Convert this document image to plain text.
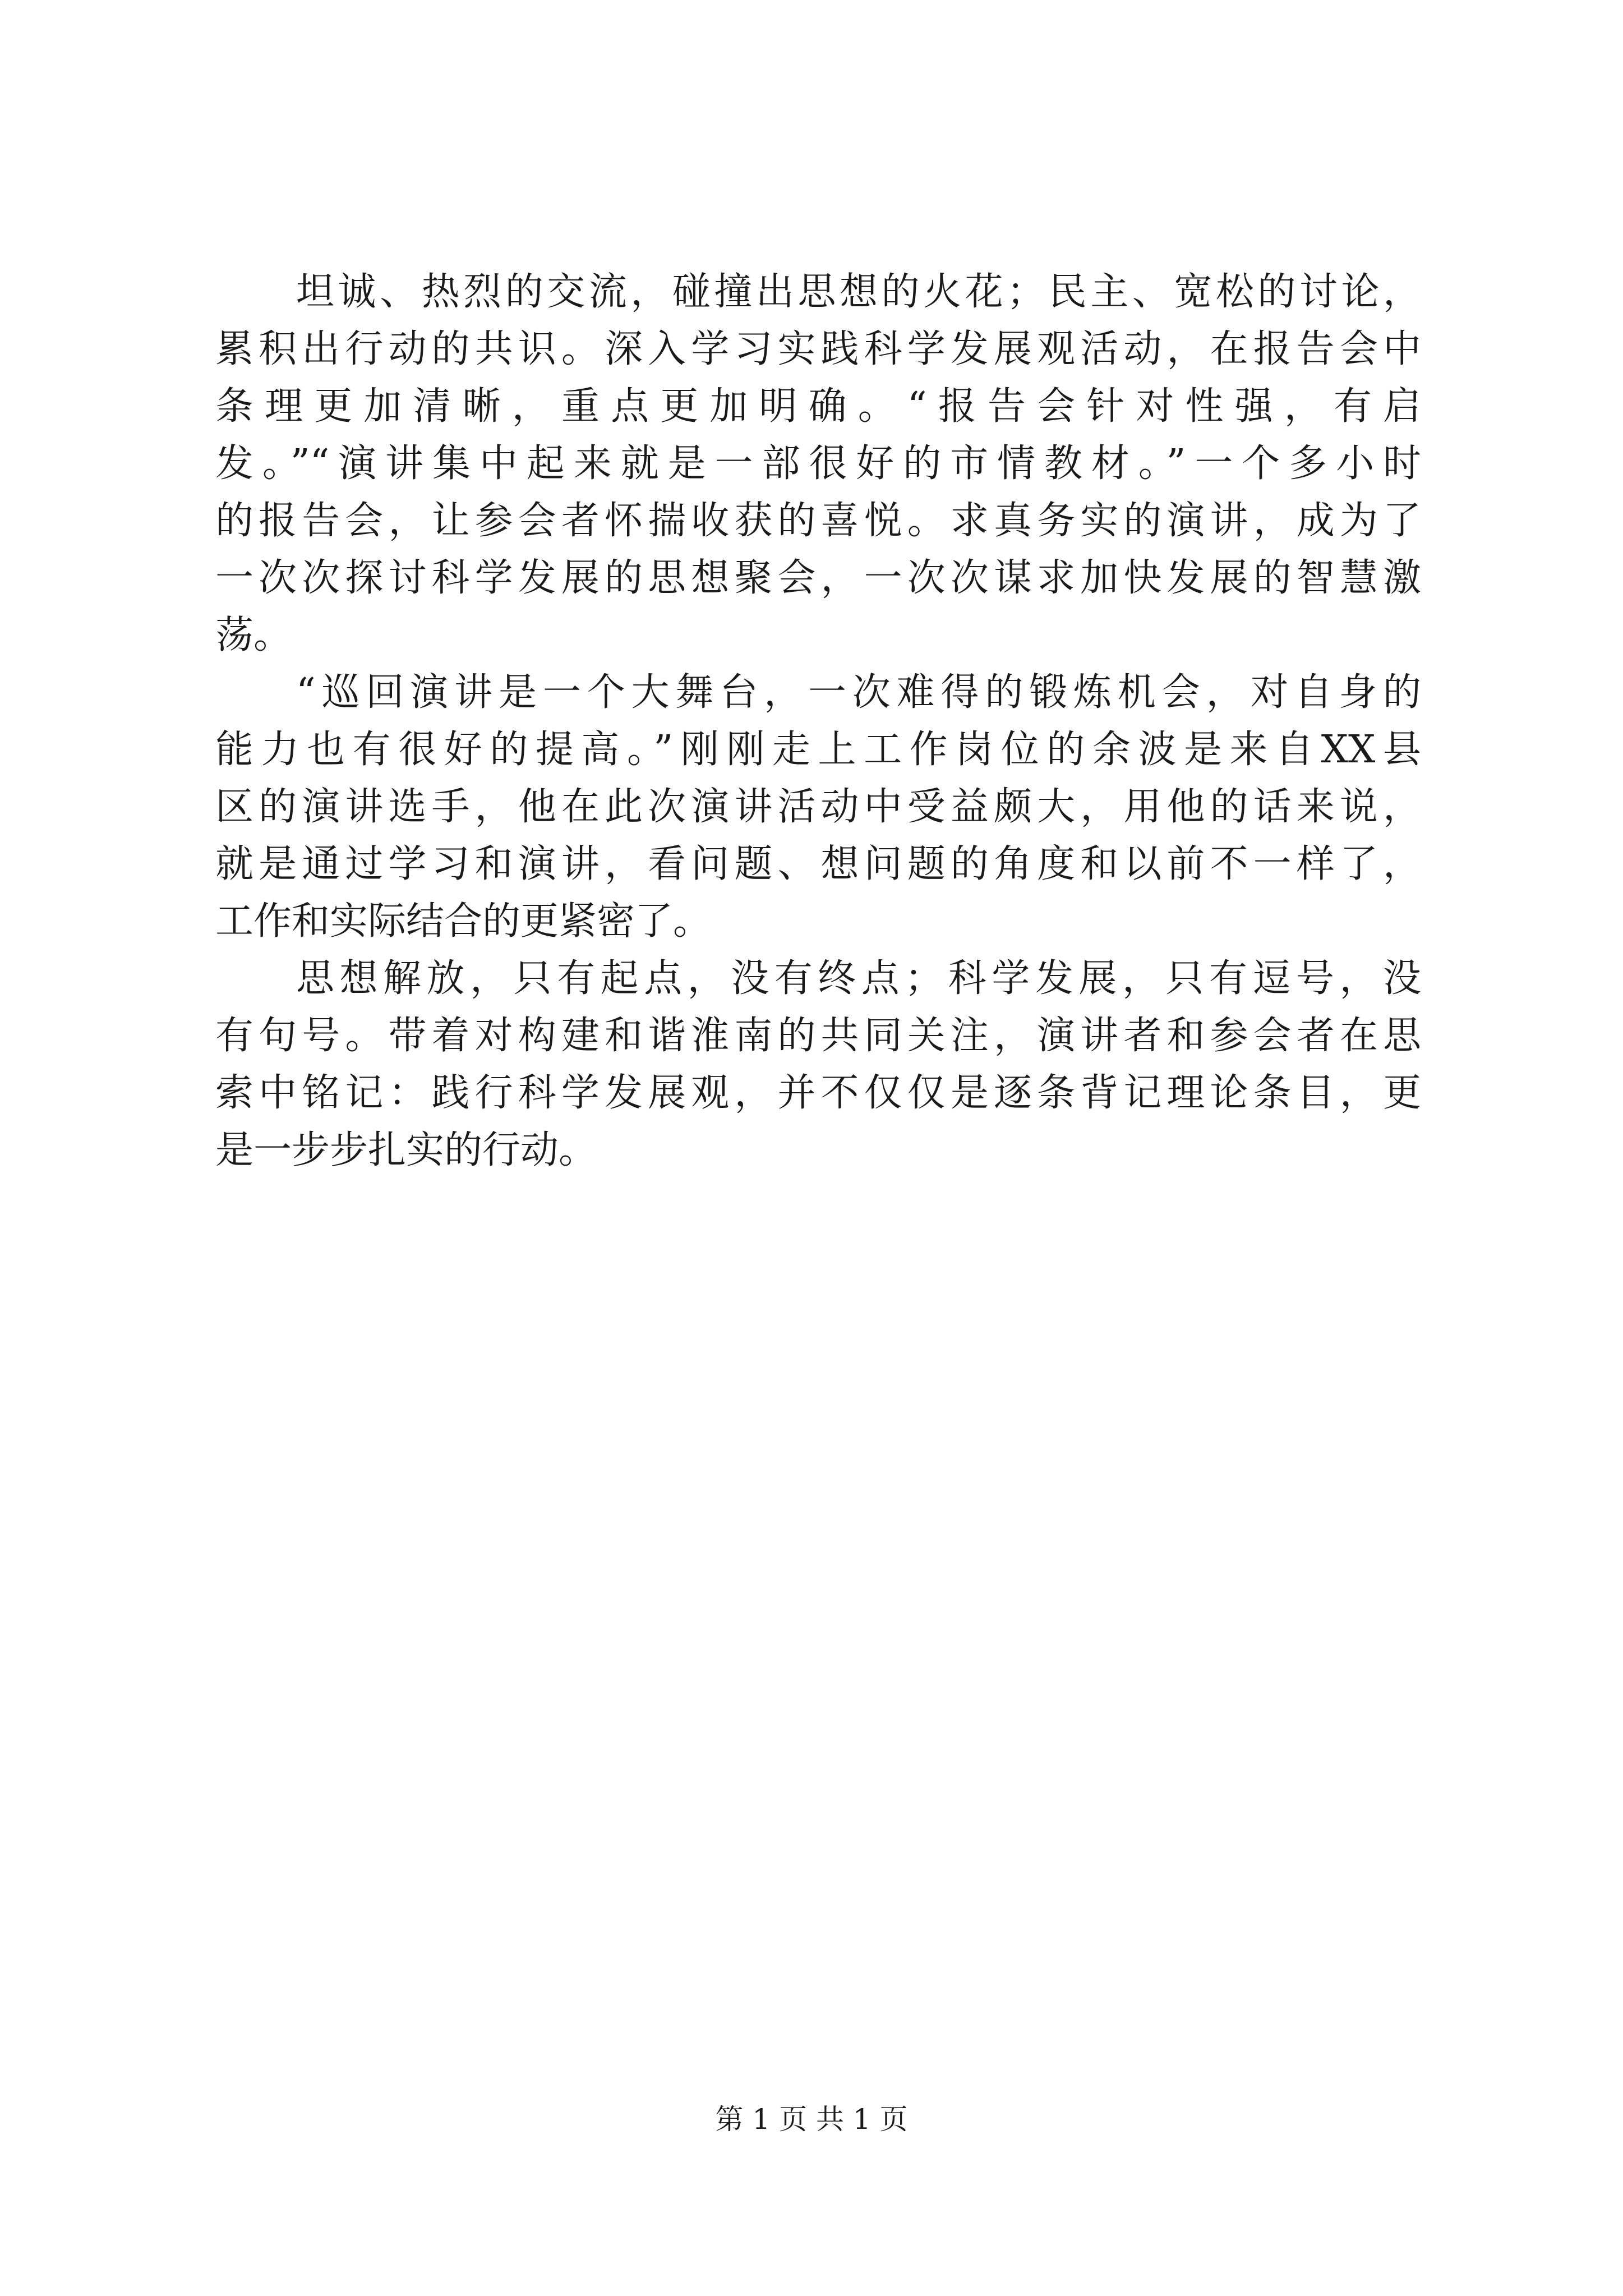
坦诚、热烈的交流，碰撞出思想的火花；民主、宽松的讨论，
累积出行动的共识。深入学习实践科学发展观活动，在报告会中
条理更加清晰，重点更加明确。“报告会针对性强，有启
发。”“演讲集中起来就是一部很好的市情教材。”一个多小时
的报告会，让参会者怀揣收获的喜悦。求真务实的演讲，成为了
一次次探讨科学发展的思想聚会，一次次谋求加快发展的智慧激
荡。
“巡回演讲是一个大舞台，一次难得的锻炼机会，对自身的
能力也有很好的提高。”刚刚走上工作岗位的余波是来自XX县
区的演讲选手，他在此次演讲活动中受益颇大，用他的话来说，
就是通过学习和演讲，看问题、想问题的角度和以前不一样了，
工作和实际结合的更紧密了。
思想解放，只有起点，没有终点；科学发展，只有逗号，没
有句号。带着对构建和谐淮南的共同关注，演讲者和参会者在思
索中铭记：践行科学发展观，并不仅仅是逐条背记理论条目，更
是一步步扎实的行动。
第 1 页 共 1 页
